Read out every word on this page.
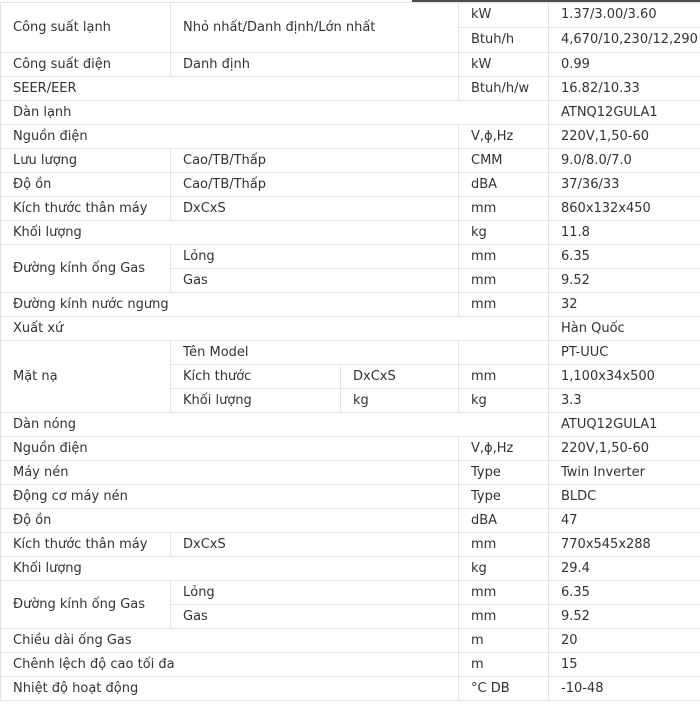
Công suất lạnh	Nhỏ nhất/Danh định/Lớn nhất		kW	1.37/3.00/3.60
			Btuh/h	4,670/10,230/12,290
Công suất điện	Danh định		kW	0.99
SEER/EER			Btuh/h/w	16.82/10.33
Dàn lạnh				ATNQ12GULA1
Nguồn điện			V,ϕ,Hz	220V,1,50-60
Lưu lượng	Cao/TB/Thấp		CMM	9.0/8.0/7.0
Độ ồn	Cao/TB/Thấp		dBA	37/36/33
Kích thước thân máy	DxCxS		mm	860x132x450
Khối lượng			kg	11.8
Đường kính ống Gas	Lỏng		mm	6.35
	Gas		mm	9.52
Đường kính nước ngưng			mm	32
Xuất xứ				Hàn Quốc
Mặt nạ	Tên Model			PT-UUC
	Kích thước	DxCxS	mm	1,100x34x500
	Khối lượng	kg	kg	3.3
Dàn nóng				ATUQ12GULA1
Nguồn điện			V,ϕ,Hz	220V,1,50-60
Máy nén			Type	Twin Inverter
Động cơ máy nén			Type	BLDC
Độ ồn			dBA	47
Kích thước thân máy	DxCxS		mm	770x545x288
Khối lượng			kg	29.4
Đường kính ống Gas	Lỏng		mm	6.35
	Gas		mm	9.52
Chiều dài ống Gas			m	20
Chênh lệch độ cao tối đa			m	15
Nhiệt độ hoạt động			°C DB	-10-48
